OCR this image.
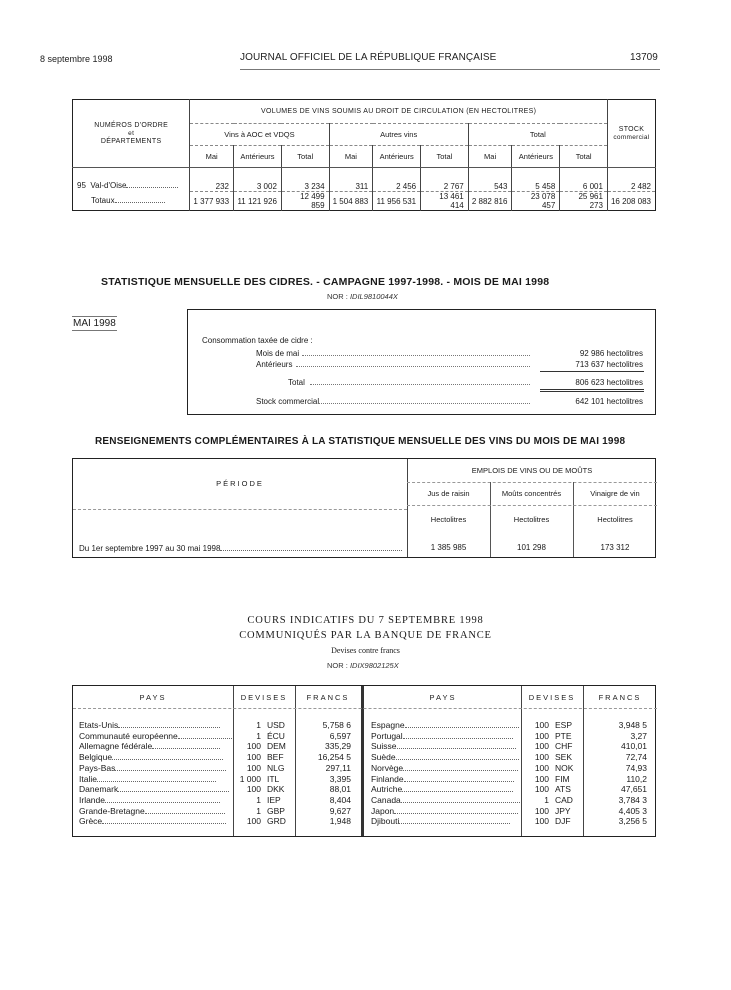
8 septembre 1998	JOURNAL OFFICIEL DE LA RÉPUBLIQUE FRANÇAISE	13709
NUMÉROS D'ORDRE
et
DÉPARTEMENTS
	VOLUMES DE VINS SOUMIS AU DROIT DE CIRCULATION (EN HECTOLITRES)	
STOCK
commercial

	Vins à AOC et VDQS			Autres vins			Total			
	Mai	Antérieurs	Total	Mai	Antérieurs	Total	Mai	Antérieurs	Total	
95 Val-d'Oise	232	3 002	3 234	311	2 456	2 767	543	5 458	6 001	2 482
Totaux	1 377 933	11 121 926	12 499 859	1 504 883	11 956 531	13 461 414	2 882 816	23 078 457	25 961 273	16 208 083
STATISTIQUE MENSUELLE DES CIDRES. - CAMPAGNE 1997-1998. - MOIS DE MAI 1998
NOR : IDIL9810044X
MAI 1998
Consommation taxée de cidre :
Mois de mai	92 986 hectolitres
Antérieurs	713 637 hectolitres
Total	806 623 hectolitres
Stock commercial	642 101 hectolitres
RENSEIGNEMENTS COMPLÉMENTAIRES À LA STATISTIQUE MENSUELLE DES VINS DU MOIS DE MAI 1998
PÉRIODE
EMPLOIS DE VINS OU DE MOÛTS
Jus de raisin	Moûts concentrés	Vinaigre de vin
Hectolitres	Hectolitres	Hectolitres
Du 1er septembre 1997 au 30 mai 1998	1 385 985	101 298	173 312
COURS INDICATIFS DU 7 SEPTEMBRE 1998
COMMUNIQUÉS PAR LA BANQUE DE FRANCE
Devises contre francs
NOR : IDIX9802125X
PAYS	DEVISES	FRANCS	PAYS	DEVISES	FRANCS
Etats-Unis	1 USD	5,758 6
Communauté européenne	1 ÉCU	6,597
Allemagne fédérale	100 DEM	335,29
Belgique	100 BEF	16,254 5
Pays-Bas	100 NLG	297,11
Italie	1 000 ITL	3,395
Danemark	100 DKK	88,01
Irlande	1 IEP	8,404
Grande-Bretagne	1 GBP	9,627
Grèce	100 GRD	1,948
Espagne	100 ESP	3,948 5
Portugal	100 PTE	3,27
Suisse	100 CHF	410,01
Suède	100 SEK	72,74
Norvège	100 NOK	74,93
Finlande	100 FIM	110,2
Autriche	100 ATS	47,651
Canada	1 CAD	3,784 3
Japon	100 JPY	4,405 3
Djibouti	100 DJF	3,256 5
